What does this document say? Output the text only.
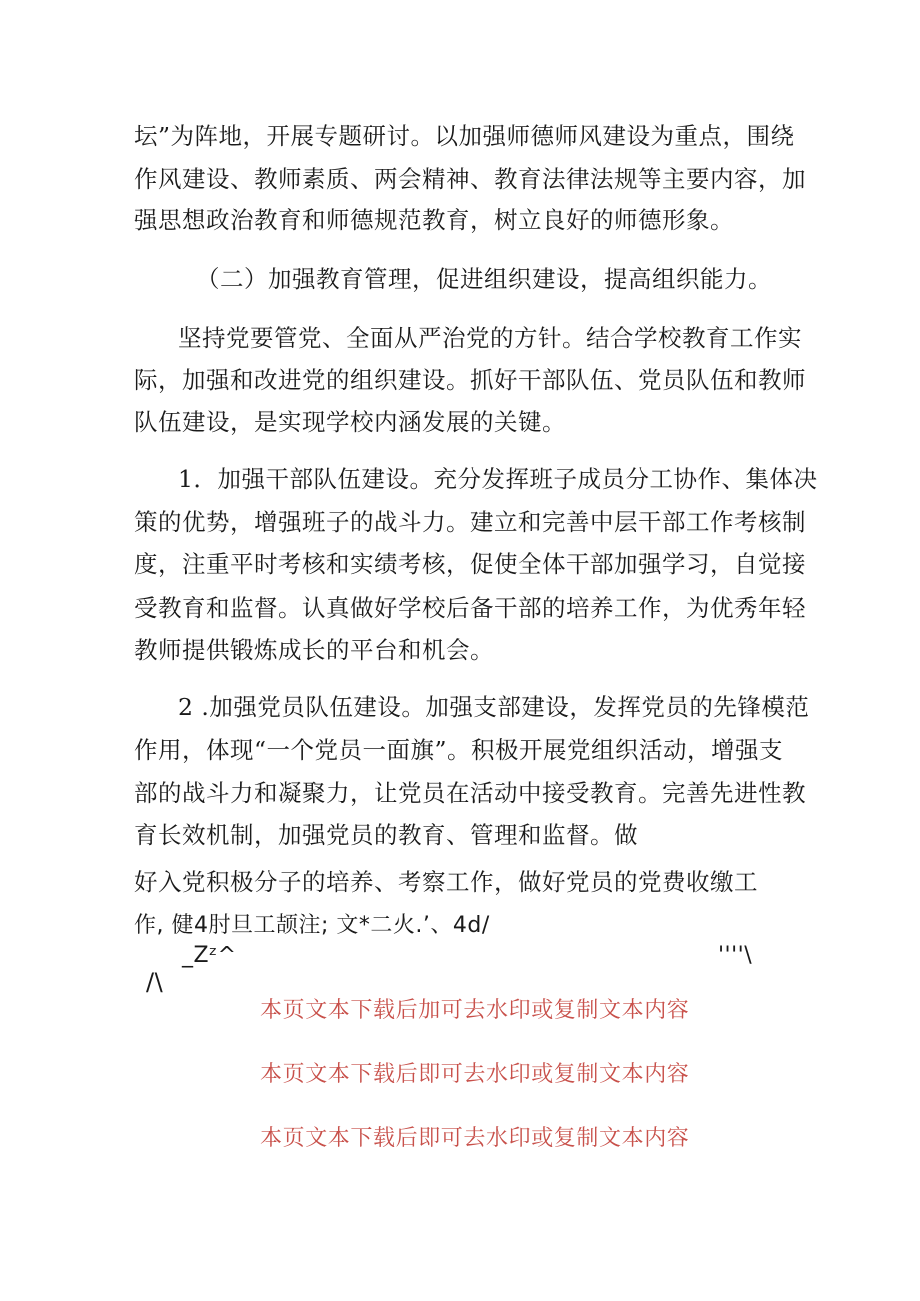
坛”为阵地，开展专题研讨。以加强师德师风建设为重点，围绕
作风建设、教师素质、两会精神、教育法律法规等主要内容，加
强思想政治教育和师德规范教育，树立良好的师德形象。
（二）加强教育管理，促进组织建设，提高组织能力。
坚持党要管党、全面从严治党的方针。结合学校教育工作实
际，加强和改进党的组织建设。抓好干部队伍、党员队伍和教师
队伍建设，是实现学校内涵发展的关键。
1．加强干部队伍建设。充分发挥班子成员分工协作、集体决
策的优势，增强班子的战斗力。建立和完善中层干部工作考核制
度，注重平时考核和实绩考核，促使全体干部加强学习，自觉接
受教育和监督。认真做好学校后备干部的培养工作，为优秀年轻
教师提供锻炼成长的平台和机会。
2 .加强党员队伍建设。加强支部建设，发挥党员的先锋模范
作用，体现“一个党员一面旗”。积极开展党组织活动，增强支
部的战斗力和凝聚力，让党员在活动中接受教育。完善先进性教
育长效机制，加强党员的教育、管理和监督。做
好入党积极分子的培养、考察工作，做好党员的党费收缴工
作, 健4肘旦工颉注; 文*二火.’、4d/
_Zᶻ^	''''\
/\
本页文本下载后加可去水印或复制文本内容
本页文本下载后即可去水印或复制文本内容
本页文本下载后即可去水印或复制文本内容
